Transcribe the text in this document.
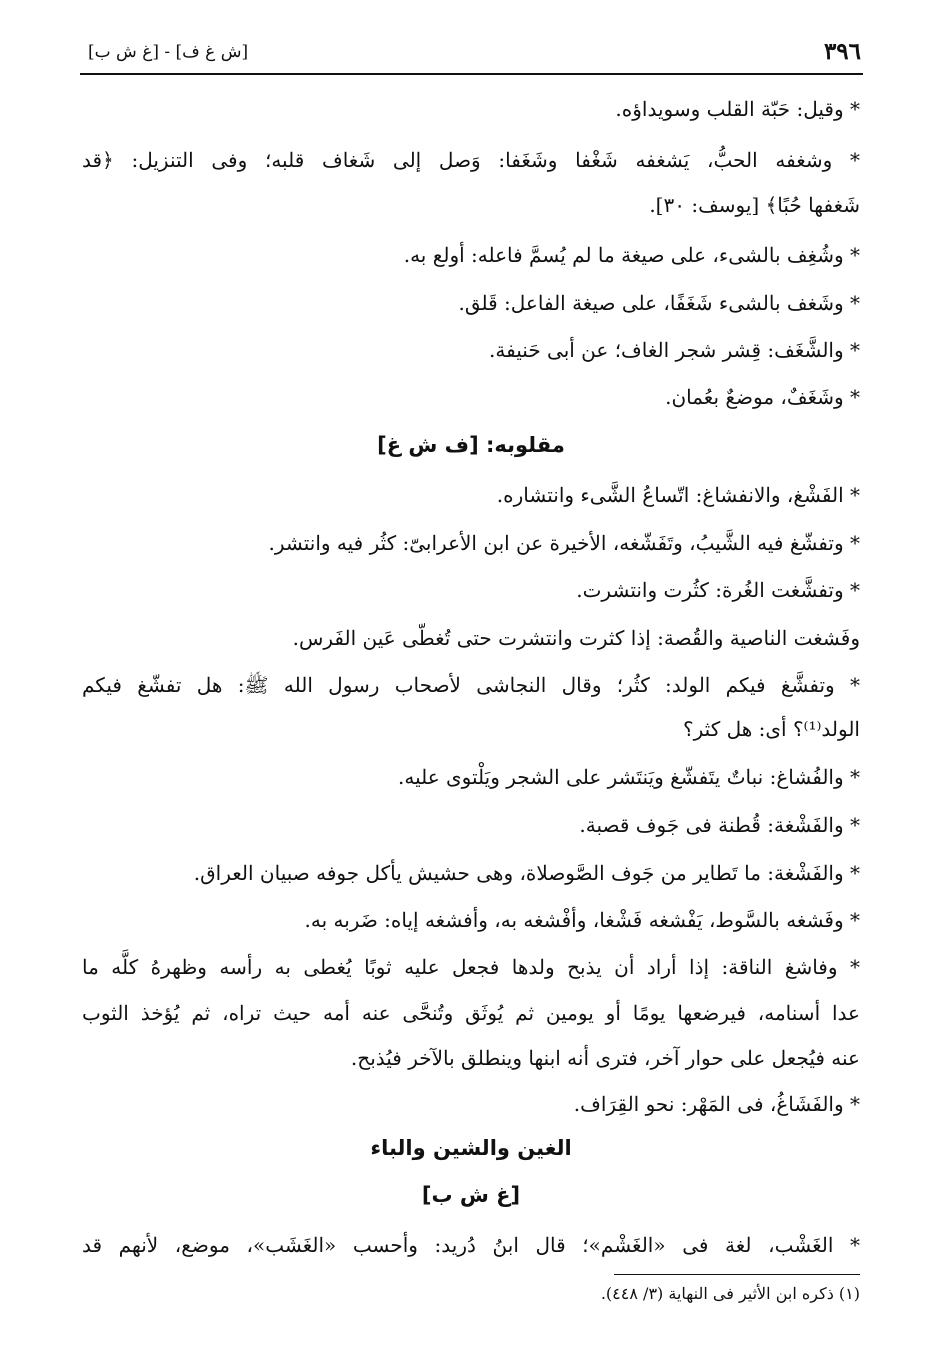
٣٩٦
[ش غ ف] - [غ ش ب]
* وقيل: حَبّة القلب وسويداؤه.
* وشغفه الحبُّ، يَشغفه شَغْفا وشَغَفا: وَصل إلى شَغاف قلبه؛ وفى التنزيل: ﴿قد
شَغفها حُبًا﴾ [يوسف: ٣٠].
* وشُغِف بالشىء، على صيغة ما لم يُسمَّ فاعله: أولع به.
* وشَغف بالشىء شَغَفًا، على صيغة الفاعل: قَلق.
* والشَّغَف: قِشر شجر الغاف؛ عن أبى حَنيفة.
* وشَغَفٌ، موضعٌ بعُمان.
مقلوبه: [ف ش غ]
* الفَشْغ، والانفشاغ: اتّساعُ الشَّىء وانتشاره.
* وتفشّغ فيه الشَّيبُ، وتَفَشّغه، الأخيرة عن ابن الأعرابىّ: كثُر فيه وانتشر.
* وتفشَّغت الغُرة: كثُرت وانتشرت.
وفَشغت الناصية والقُصة: إذا كثرت وانتشرت حتى تُغطّى عَين الفَرس.
* وتفشَّغ فيكم الولد: كثُر؛ وقال النجاشى لأصحاب رسول الله ﷺ: هل تفشّغ فيكم
الولد⁽¹⁾؟ أى: هل كثر؟
* والفُشاغ: نباتٌ يتَفشّغ ويَنتَشر على الشجر ويَلْتوى عليه.
* والفَشْغة: قُطنة فى جَوف قصبة.
* والفَشْغة: ما تَطاير من جَوف الصَّوصلاة، وهى حشيش يأكل جوفه صبيان العراق.
* وفَشغه بالسَّوط، يَفْشغه فَشْغا، وأفْشغه به، وأفشغه إياه: ضَربه به.
* وفاشغ الناقة: إذا أراد أن يذبح ولدها فجعل عليه ثوبًا يُغطى به رأسه وظهرهُ كلَّه ما
عدا أسنامه، فيرضعها يومًا أو يومين ثم يُوثَق وتُنحَّى عنه أمه حيث تراه، ثم يُؤخذ الثوب
عنه فيُجعل على حوار آخر، فترى أنه ابنها وينطلق بالآخر فيُذبح.
* والفَشَاغُ، فى المَهْر: نحو القِرَاف.
الغين والشين والباء
[غ ش ب]
* الغَشْب، لغة فى «الغَشْم»؛ قال ابنُ دُريد: وأحسب «الغَشَب»، موضع، لأنهم قد
(١) ذكره ابن الأثير فى النهاية (٣/ ٤٤٨).
